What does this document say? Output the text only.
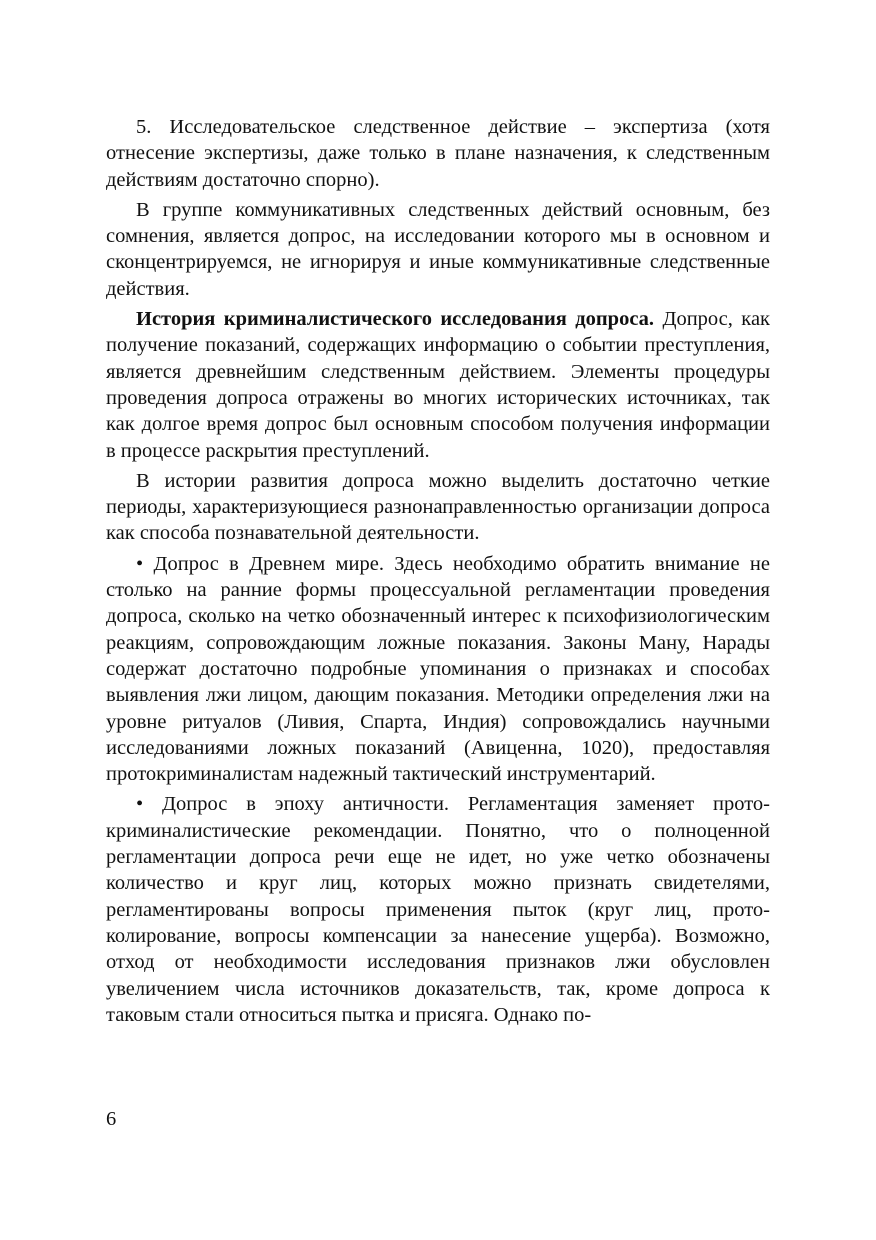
5. Исследовательское следственное действие – экспертиза (хотя отнесение экспертизы, даже только в плане назначения, к следственным действиям достаточно спорно).

В группе коммуникативных следственных действий основным, без сомнения, является допрос, на исследовании которого мы в основном и сконцентрируемся, не игнорируя и иные коммуникативные следственные действия.

История криминалистического исследования допроса. Допрос, как получение показаний, содержащих информацию о событии преступления, является древнейшим следственным действием. Элементы процедуры проведения допроса отражены во многих исторических источниках, так как долгое время допрос был основным способом получения информации в процессе раскрытия преступлений.

В истории развития допроса можно выделить достаточно четкие периоды, характеризующиеся разнонаправленностью организации допроса как способа познавательной деятельности.

• Допрос в Древнем мире. Здесь необходимо обратить внимание не столько на ранние формы процессуальной регламентации проведения допроса, сколько на четко обозначенный интерес к психофизиологическим реакциям, сопровождающим ложные показания. Законы Ману, Нарады содержат достаточно подробные упоминания о признаках и способах выявления лжи лицом, дающим показания. Методики определения лжи на уровне ритуалов (Ливия, Спарта, Индия) сопровождались научными исследованиями ложных показаний (Авиценна, 1020), предоставляя протокриминалистам надежный тактический инструментарий.

• Допрос в эпоху античности. Регламентация заменяет протокриминалистические рекомендации. Понятно, что о полноценной регламентации допроса речи еще не идет, но уже четко обозначены количество и круг лиц, которых можно признать свидетелями, регламентированы вопросы применения пыток (круг лиц, протоколирование, вопросы компенсации за нанесение ущерба). Возможно, отход от необходимости исследования признаков лжи обусловлен увеличением числа источников доказательств, так, кроме допроса к таковым стали относиться пытка и присяга. Однако по-

6
